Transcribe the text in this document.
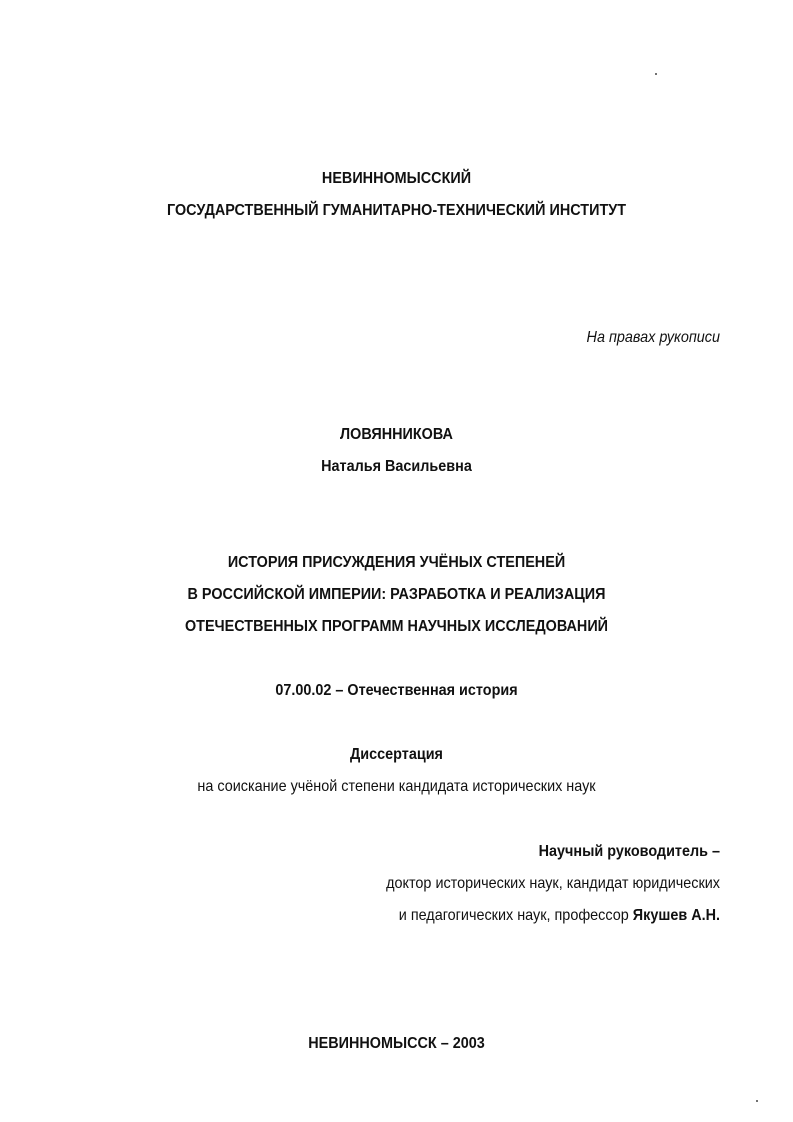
НЕВИННОМЫССКИЙ
ГОСУДАРСТВЕННЫЙ ГУМАНИТАРНО-ТЕХНИЧЕСКИЙ ИНСТИТУТ
На правах рукописи
ЛОВЯННИКОВА
Наталья Васильевна
ИСТОРИЯ ПРИСУЖДЕНИЯ УЧЁНЫХ СТЕПЕНЕЙ
В РОССИЙСКОЙ ИМПЕРИИ: РАЗРАБОТКА И РЕАЛИЗАЦИЯ
ОТЕЧЕСТВЕННЫХ ПРОГРАММ НАУЧНЫХ ИССЛЕДОВАНИЙ
07.00.02 – Отечественная история
Диссертация
на соискание учёной степени кандидата исторических наук
Научный руководитель –
доктор исторических наук, кандидат юридических
и педагогических наук, профессор Якушев А.Н.
НЕВИННОМЫССК – 2003
